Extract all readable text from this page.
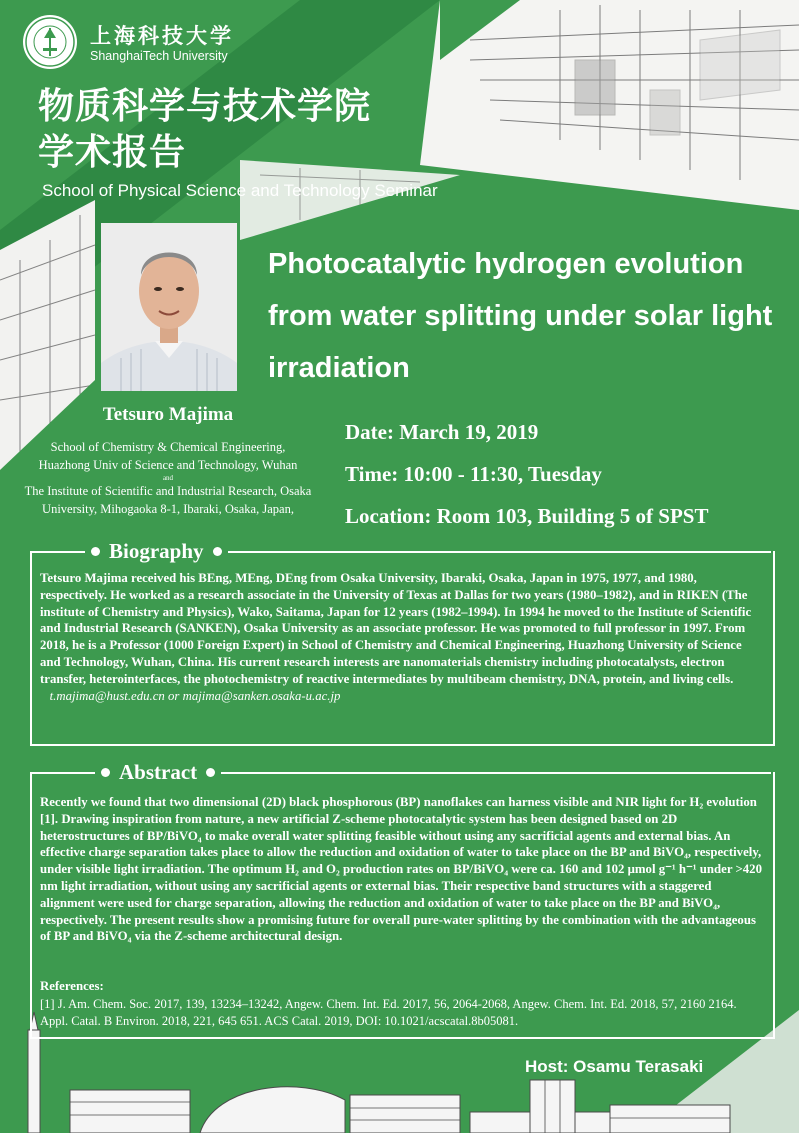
上海科技大学
ShanghaiTech University
物质科学与技术学院
学术报告
School of Physical Science and Technology Seminar
Photocatalytic hydrogen evolution from water splitting under solar light irradiation
Tetsuro Majima
School of Chemistry & Chemical Engineering, Huazhong Univ of Science and Technology, Wuhan
and
The Institute of Scientific and Industrial Research, Osaka University, Mihogaoka 8-1, Ibaraki, Osaka, Japan,
Date: March 19, 2019
Time: 10:00 - 11:30, Tuesday
Location: Room 103, Building 5 of SPST
Biography
Tetsuro Majima received his BEng, MEng, DEng from Osaka University, Ibaraki, Osaka, Japan in 1975, 1977, and 1980, respectively. He worked as a research associate in the University of Texas at Dallas for two years (1980–1982), and in RIKEN (The institute of Chemistry and Physics), Wako, Saitama, Japan for 12 years (1982–1994). In 1994 he moved to the Institute of Scientific and Industrial Research (SANKEN), Osaka University as an associate professor. He was promoted to full professor in 1997. From 2018, he is a Professor (1000 Foreign Expert) in School of Chemistry and Chemical Engineering, Huazhong University of Science and Technology, Wuhan, China. His current research interests are nanomaterials chemistry including photocatalysts, electron transfer, heterointerfaces, the photochemistry of reactive intermediates by multibeam chemistry, DNA, protein, and living cells.    t.majima@hust.edu.cn or majima@sanken.osaka-u.ac.jp
Abstract
Recently we found that two dimensional (2D) black phosphorous (BP) nanoflakes can harness visible and NIR light for H₂ evolution [1]. Drawing inspiration from nature, a new artificial Z-scheme photocatalytic system has been designed based on 2D heterostructures of BP/BiVO₄ to make overall water splitting feasible without using any sacrificial agents and external bias. An effective charge separation takes place to allow the reduction and oxidation of water to take place on the BP and BiVO₄, respectively, under visible light irradiation. The optimum H₂ and O₂ production rates on BP/BiVO₄ were ca. 160 and 102 μmol g⁻¹ h⁻¹ under >420 nm light irradiation, without using any sacrificial agents or external bias. Their respective band structures with a staggered alignment were used for charge separation, allowing the reduction and oxidation of water to take place on the BP and BiVO₄, respectively. The present results show a promising future for overall pure-water splitting by the combination with the advantageous of BP and BiVO₄ via the Z-scheme architectural design.
References:
[1] J. Am. Chem. Soc. 2017, 139, 13234–13242, Angew. Chem. Int. Ed. 2017, 56, 2064-2068, Angew. Chem. Int. Ed. 2018, 57, 2160 2164. Appl. Catal. B Environ. 2018, 221, 645 651. ACS Catal. 2019, DOI: 10.1021/acscatal.8b05081.
Host: Osamu Terasaki
